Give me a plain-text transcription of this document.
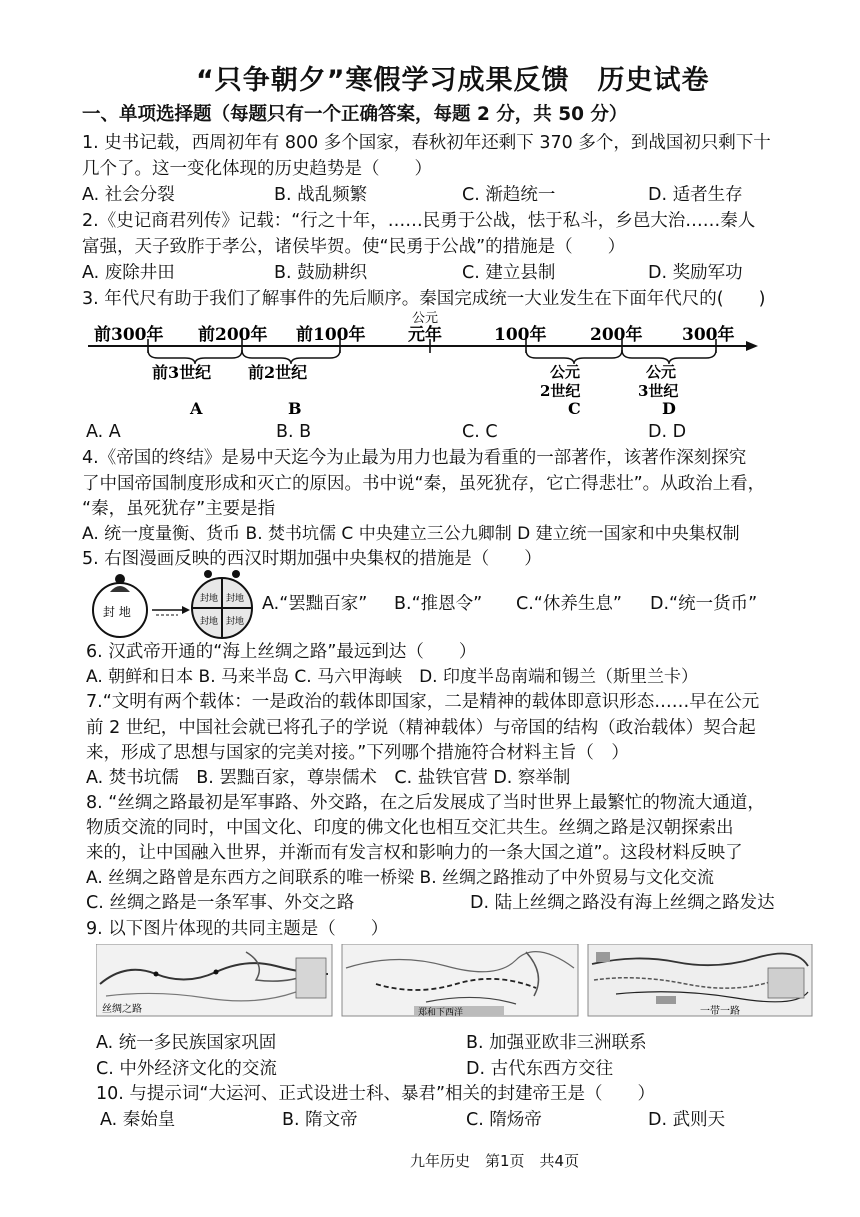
“只争朝夕”寒假学习成果反馈　历史试卷
一、单项选择题（每题只有一个正确答案，每题 2 分，共 50 分）
1. 史书记载，西周初年有 800 多个国家，春秋初年还剩下 370 多个，到战国初只剩下十
几个了。这一变化体现的历史趋势是（　　）
A. 社会分裂	B. 战乱频繁	C. 渐趋统一	D. 适者生存
2.《史记商君列传》记载：“行之十年，……民勇于公战，怯于私斗，乡邑大治……秦人
富强，天子致胙于孝公，诸侯毕贺。使“民勇于公战”的措施是（　　）
A. 废除井田	B. 鼓励耕织	C. 建立县制	D. 奖励军功
3. 年代尺有助于我们了解事件的先后顺序。秦国完成统一大业发生在下面年代尺的(　　)
前300年 前200年 前100年
公元
元年	100年	200年 300年
前3世纪 前2世纪	公元
2世纪
公元
3世纪
A	B	C	D
A. A	B. B	C. C	D. D
4.《帝国的终结》是易中天迄今为止最为用力也最为看重的一部著作，该著作深刻探究
了中国帝国制度形成和灭亡的原因。书中说“秦，虽死犹存，它亡得悲壮”。从政治上看，
“秦，虽死犹存”主要是指
A. 统一度量衡、货币 B. 焚书坑儒 C 中央建立三公九卿制 D 建立统一国家和中央集权制
5. 右图漫画反映的西汉时期加强中央集权的措施是（　　）
封 地
封地 封地
封地 封地
A.“罢黜百家” B.“推恩令” C.“休养生息” D.“统一货币”
6. 汉武帝开通的“海上丝绸之路”最远到达（　　）
A. 朝鲜和日本 B. 马来半岛 C. 马六甲海峡　D. 印度半岛南端和锡兰（斯里兰卡）
7.“文明有两个载体：一是政治的载体即国家，二是精神的载体即意识形态……早在公元
前 2 世纪，中国社会就已将孔子的学说（精神载体）与帝国的结构（政治载体）契合起
来，形成了思想与国家的完美对接。”下列哪个措施符合材料主旨（　）
A. 焚书坑儒　B. 罢黜百家，尊崇儒术　C. 盐铁官营 D. 察举制
8. “丝绸之路最初是军事路、外交路，在之后发展成了当时世界上最繁忙的物流大通道，
物质交流的同时，中国文化、印度的佛文化也相互交汇共生。丝绸之路是汉朝探索出
来的，让中国融入世界，并渐而有发言权和影响力的一条大国之道”。这段材料反映了
A. 丝绸之路曾是东西方之间联系的唯一桥梁 B. 丝绸之路推动了中外贸易与文化交流
C. 丝绸之路是一条军事、外交之路	D. 陆上丝绸之路没有海上丝绸之路发达
9. 以下图片体现的共同主题是（　　）
丝绸之路	郑和下西洋	一带一路
A. 统一多民族国家巩固	B. 加强亚欧非三洲联系
C. 中外经济文化的交流	D. 古代东西方交往
10. 与提示词“大运河、正式设进士科、暴君”相关的封建帝王是（　　）
A. 秦始皇	B. 隋文帝	C. 隋炀帝	D. 武则天
九年历史　第1页　共4页
